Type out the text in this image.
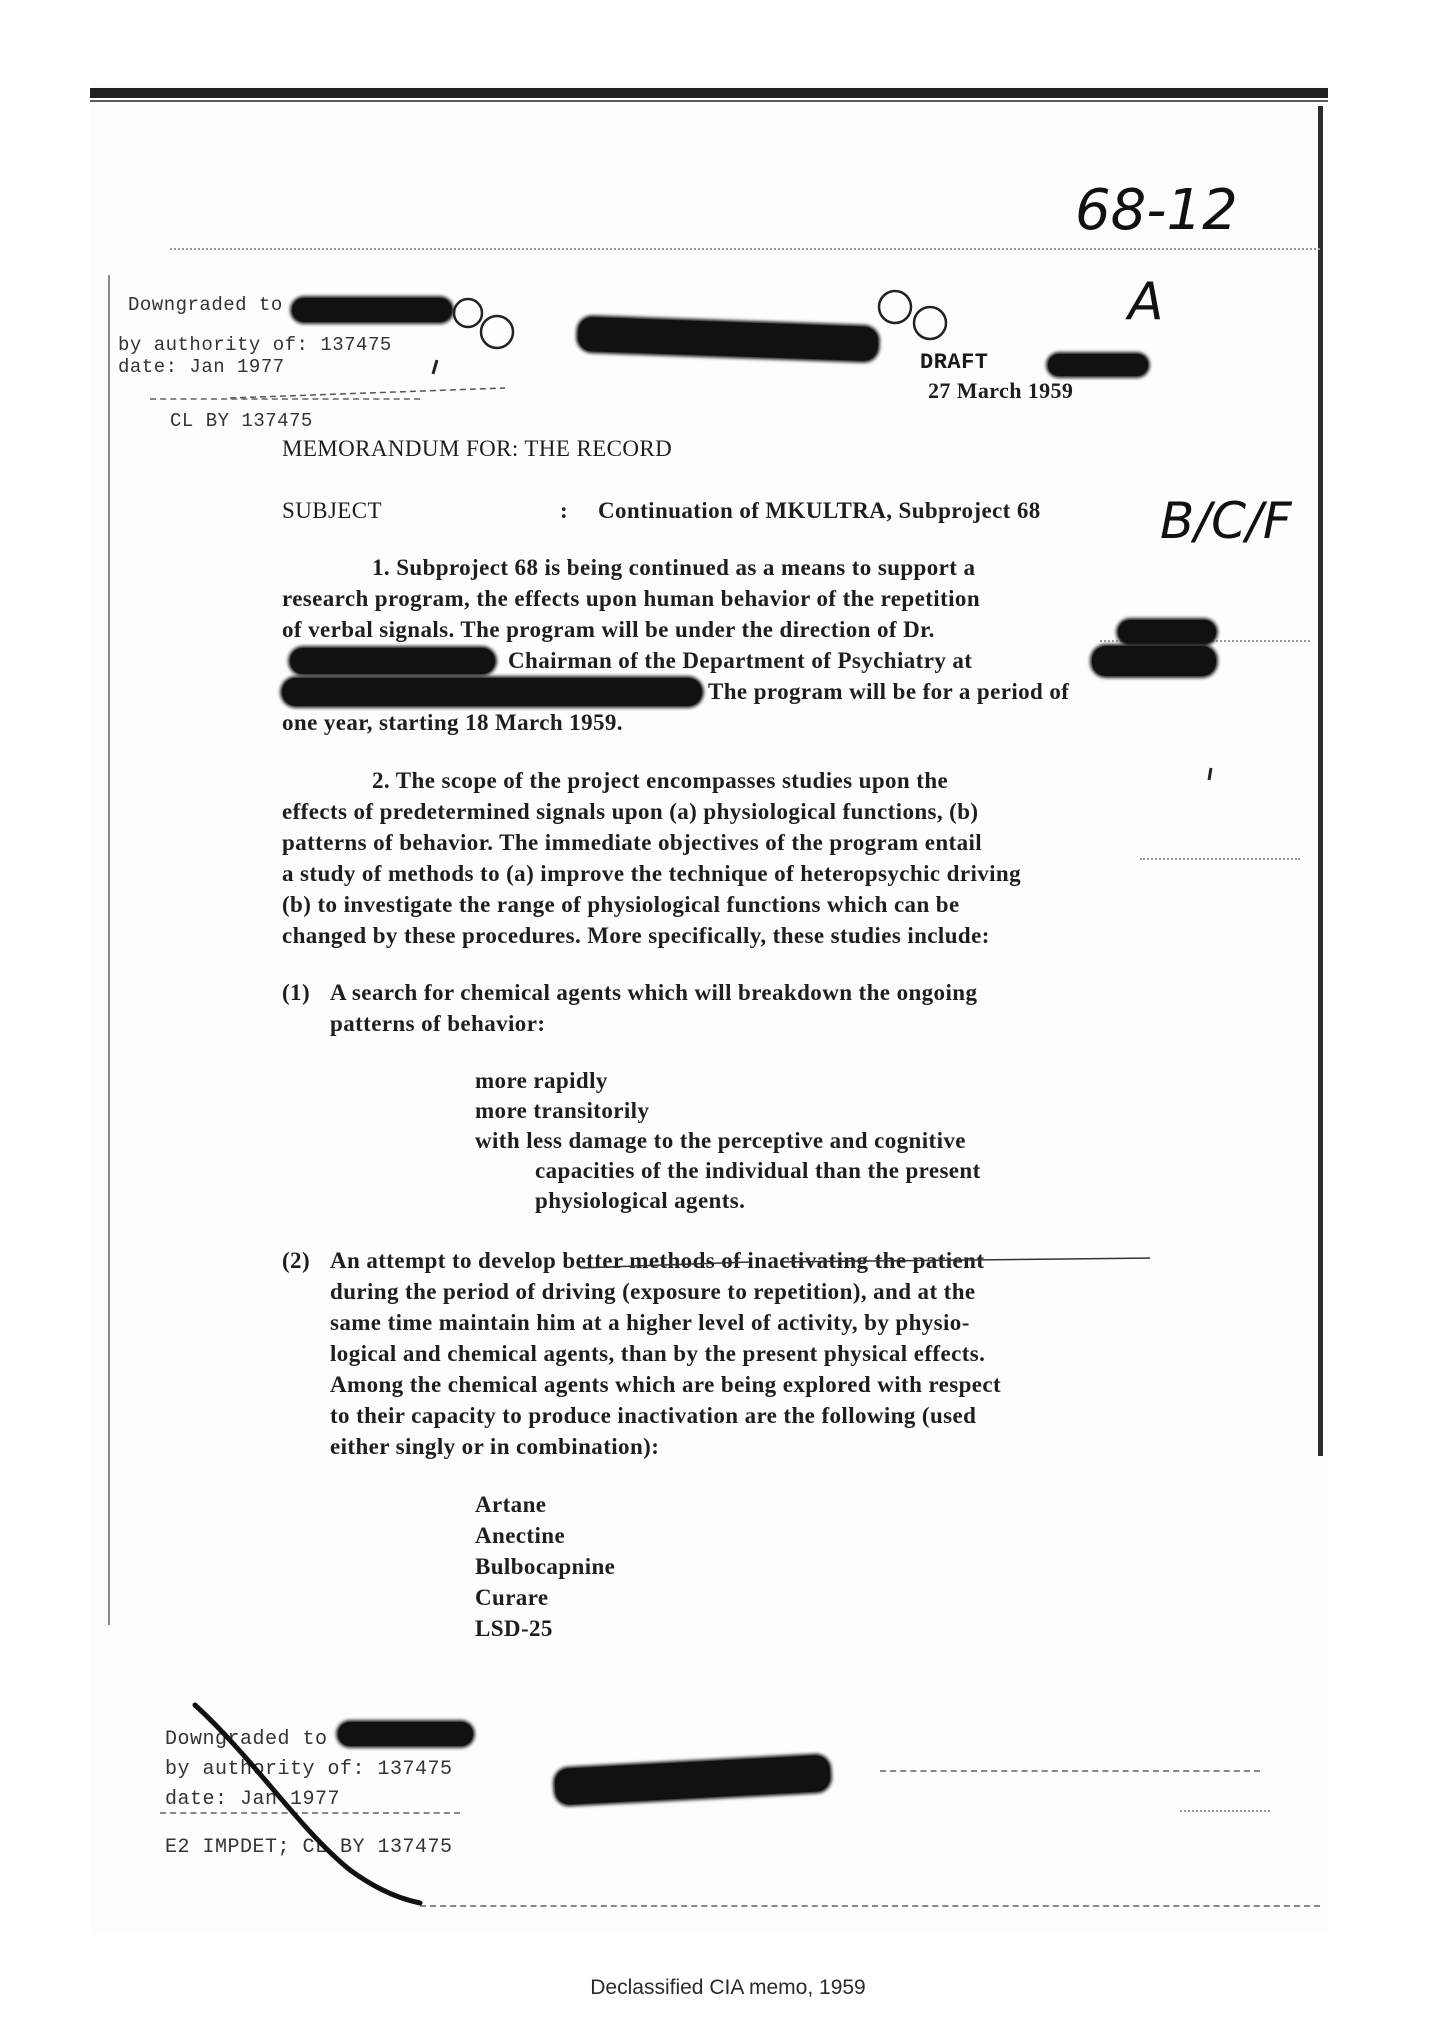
68-12
A
B/C/F
Downgraded to
by authority of: 137475
date: Jan 1977
CL BY 137475
DRAFT
27 March 1959
MEMORANDUM FOR: THE RECORD
SUBJECT	: Continuation of MKULTRA, Subproject 68
1. Subproject 68 is being continued as a means to support a
research program, the effects upon human behavior of the repetition
of verbal signals. The program will be under the direction of Dr.
Chairman of the Department of Psychiatry at
The program will be for a period of
one year, starting 18 March 1959.
2. The scope of the project encompasses studies upon the
effects of predetermined signals upon (a) physiological functions, (b)
patterns of behavior. The immediate objectives of the program entail
a study of methods to (a) improve the technique of heteropsychic driving
(b) to investigate the range of physiological functions which can be
changed by these procedures. More specifically, these studies include:
(1) A search for chemical agents which will breakdown the ongoing
patterns of behavior:
more rapidly
more transitorily
with less damage to the perceptive and cognitive
capacities of the individual than the present
physiological agents.
(2) An attempt to develop better methods of inactivating the patient
during the period of driving (exposure to repetition), and at the
same time maintain him at a higher level of activity, by physio-
logical and chemical agents, than by the present physical effects.
Among the chemical agents which are being explored with respect
to their capacity to produce inactivation are the following (used
either singly or in combination):
Artane
Anectine
Bulbocapnine
Curare
LSD-25
Downgraded to
by authority of: 137475
date: Jan 1977
E2 IMPDET; CL BY 137475
Declassified CIA memo, 1959
